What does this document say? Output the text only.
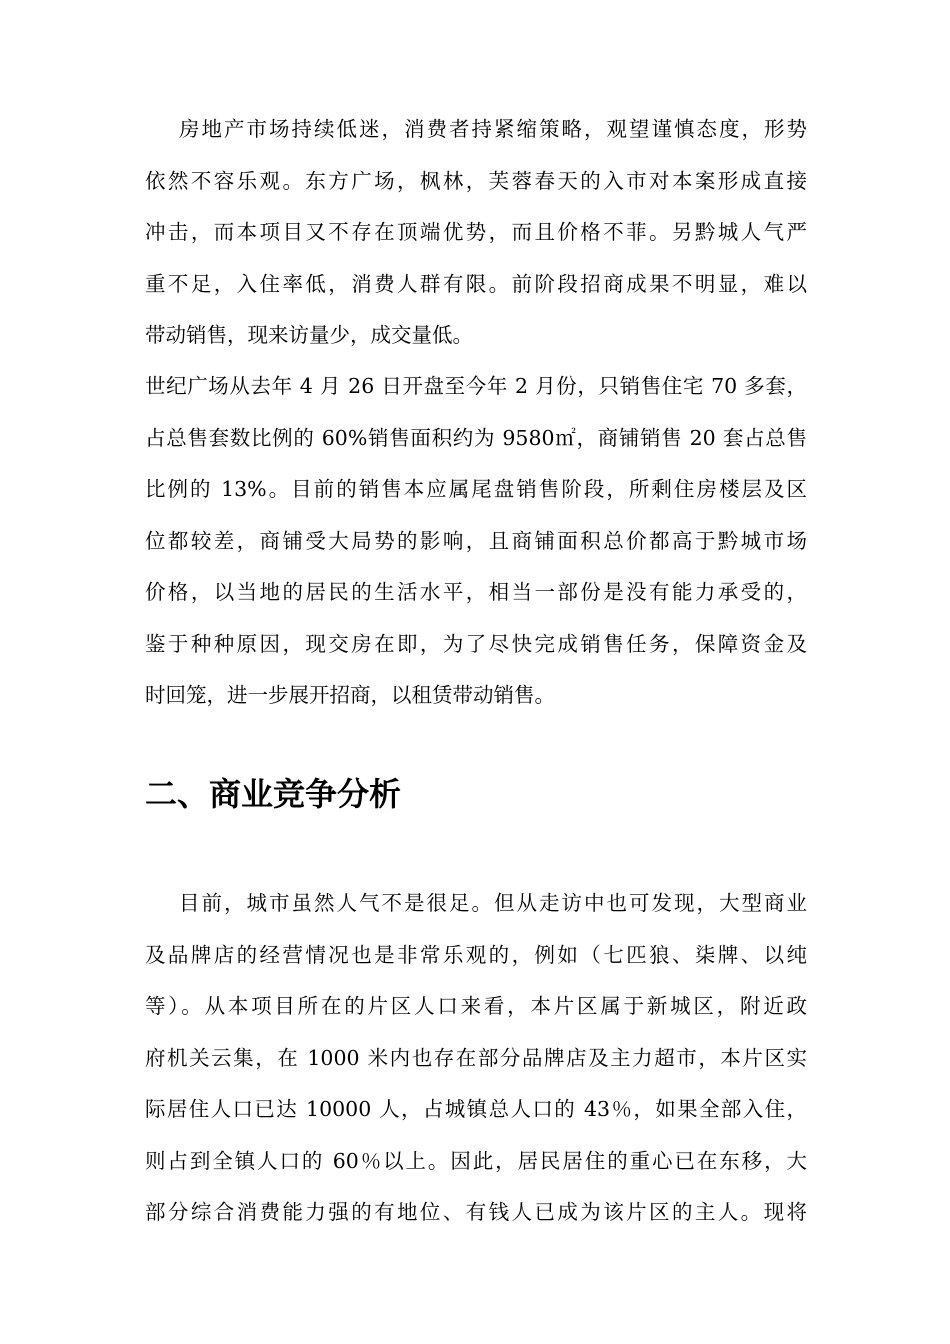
房地产市场持续低迷，消费者持紧缩策略，观望谨慎态度，形势
依然不容乐观。东方广场，枫林，芙蓉春天的入市对本案形成直接
冲击，而本项目又不存在顶端优势，而且价格不菲。另黔城人气严
重不足，入住率低，消费人群有限。前阶段招商成果不明显，难以
带动销售，现来访量少，成交量低。
世纪广场从去年 4 月 26 日开盘至今年 2 月份，只销售住宅 70 多套，
占总售套数比例的 60%销售面积约为 9580㎡，商铺销售 20 套占总售
比例的 13%。目前的销售本应属尾盘销售阶段，所剩住房楼层及区
位都较差，商铺受大局势的影响，且商铺面积总价都高于黔城市场
价格，以当地的居民的生活水平，相当一部份是没有能力承受的，
鉴于种种原因，现交房在即，为了尽快完成销售任务，保障资金及
时回笼，进一步展开招商，以租赁带动销售。
二、商业竞争分析
目前，城市虽然人气不是很足。但从走访中也可发现，大型商业
及品牌店的经营情况也是非常乐观的，例如（七匹狼、柒牌、以纯
等）。从本项目所在的片区人口来看，本片区属于新城区，附近政
府机关云集，在 1000 米内也存在部分品牌店及主力超市，本片区实
际居住人口已达 10000 人，占城镇总人口的 43％，如果全部入住，
则占到全镇人口的 60％以上。因此，居民居住的重心已在东移，大
部分综合消费能力强的有地位、有钱人已成为该片区的主人。现将
